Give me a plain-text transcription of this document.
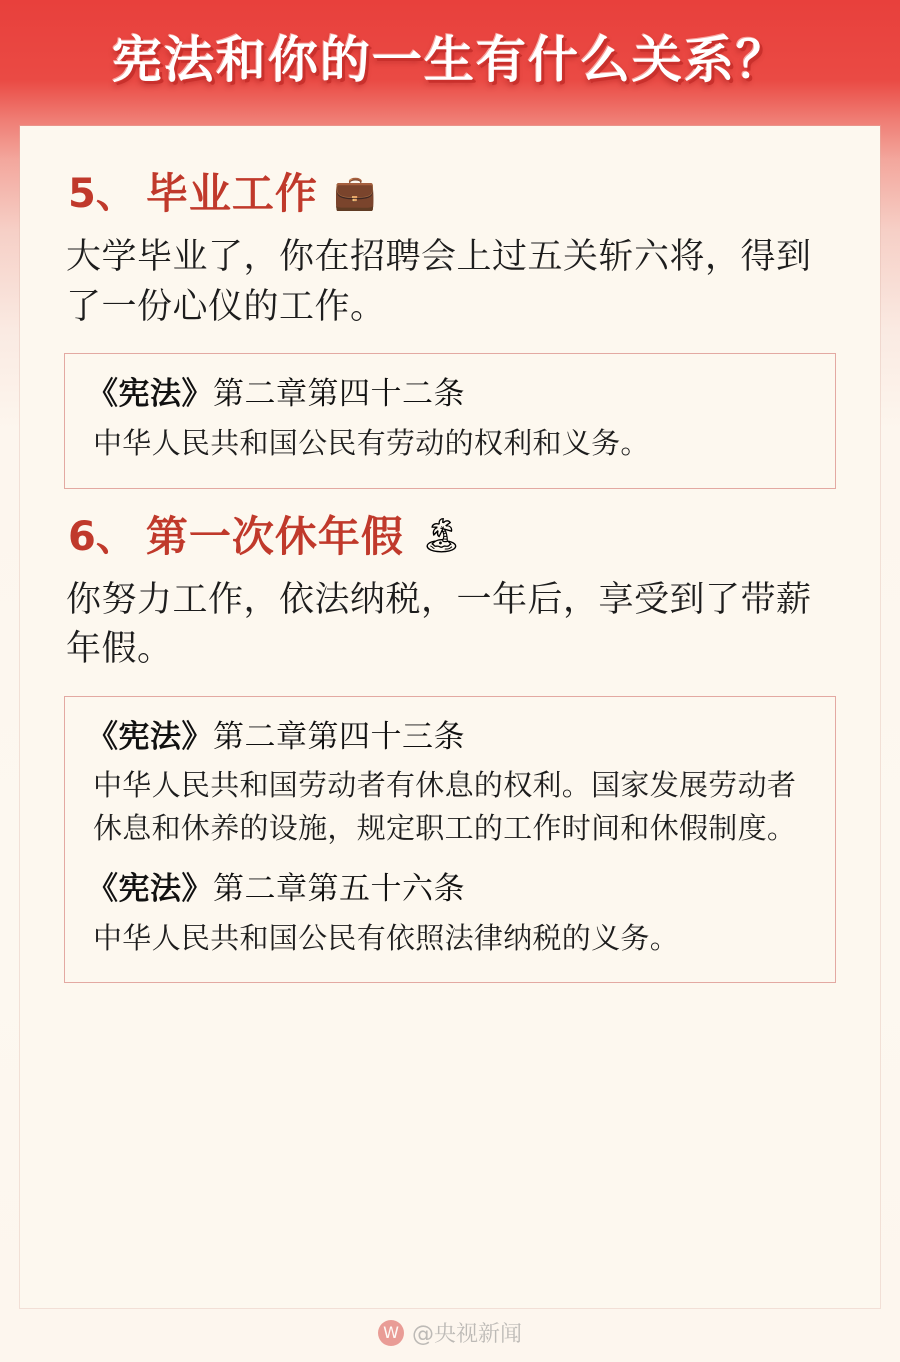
宪法和你的一生有什么关系？
5、 毕业工作 💼

大学毕业了，你在招聘会上过五关斩六将，得到了一份心仪的工作。

《宪法》第二章第四十二条
中华人民共和国公民有劳动的权利和义务。
6、 第一次休年假 🏝

你努力工作，依法纳税，一年后，享受到了带薪年假。

《宪法》第二章第四十三条
中华人民共和国劳动者有休息的权利。国家发展劳动者休息和休养的设施，规定职工的工作时间和休假制度。
《宪法》第二章第五十六条
中华人民共和国公民有依照法律纳税的义务。
W @央视新闻
